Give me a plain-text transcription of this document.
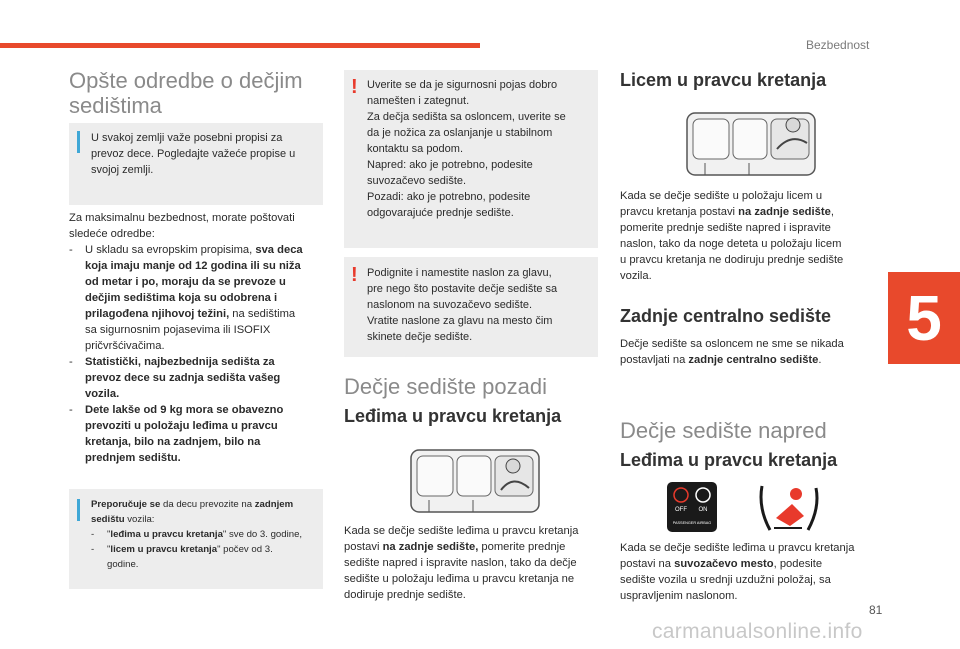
Bezbednost
5
81
carmanualsonline.info
Opšte odredbe o dečjim
sedištima
U svakoj zemlji važe posebni propisi za
prevoz dece. Pogledajte važeće propise u
svojoj zemlji.
Za maksimalnu bezbednost, morate poštovati
sledeće odredbe:
-	U skladu sa evropskim propisima, sva deca
koja imaju manje od 12 godina ili su niža
od metar i po, moraju da se prevoze u
dečjim sedištima koja su odobrena i
prilagođena njihovoj težini, na sedištima
sa sigurnosnim pojasevima ili ISOFIX
pričvršćivačima.
-	Statistički, najbezbednija sedišta za
prevoz dece su zadnja sedišta vašeg
vozila.
-	Dete lakše od 9 kg mora se obavezno
prevoziti u položaju leđima u pravcu
kretanja, bilo na zadnjem, bilo na
prednjem sedištu.
Preporučuje se da decu prevozite na zadnjem
sedištu vozila:
-	"leđima u pravcu kretanja" sve do 3. godine,
-	"licem u pravcu kretanja" počev od 3.
godine.
! Uverite se da je sigurnosni pojas dobro
namešten i zategnut.
Za dečja sedišta sa osloncem, uverite se
da je nožica za oslanjanje u stabilnom
kontaktu sa podom.
Napred: ako je potrebno, podesite
suvozačevo sedište.
Pozadi: ako je potrebno, podesite
odgovarajuće prednje sedište.
! Podignite i namestite naslon za glavu,
pre nego što postavite dečje sedište sa
naslonom na suvozačevo sedište.
Vratite naslone za glavu na mesto čim
skinete dečje sedište.
Dečje sedište pozadi
Leđima u pravcu kretanja
Kada se dečje sedište leđima u pravcu kretanja
postavi na zadnje sedište, pomerite prednje
sedište napred i ispravite naslon, tako da dečje
sedište u položaju leđima u pravcu kretanja ne
dodiruje prednje sedište.
Licem u pravcu kretanja
Kada se dečje sedište u položaju licem u
pravcu kretanja postavi na zadnje sedište,
pomerite prednje sedište napred i ispravite
naslon, tako da noge deteta u položaju licem
u pravcu kretanja ne dodiruju prednje sedište
vozila.
Zadnje centralno sedište
Dečje sedište sa osloncem ne sme se nikada
postavljati na zadnje centralno sedište.
Dečje sedište napred
Leđima u pravcu kretanja
OFF ON
PASSENGER AIRBAG
Kada se dečje sedište leđima u pravcu kretanja
postavi na suvozačevo mesto, podesite
sedište vozila u srednji uzdužni položaj, sa
uspravljenim naslonom.
